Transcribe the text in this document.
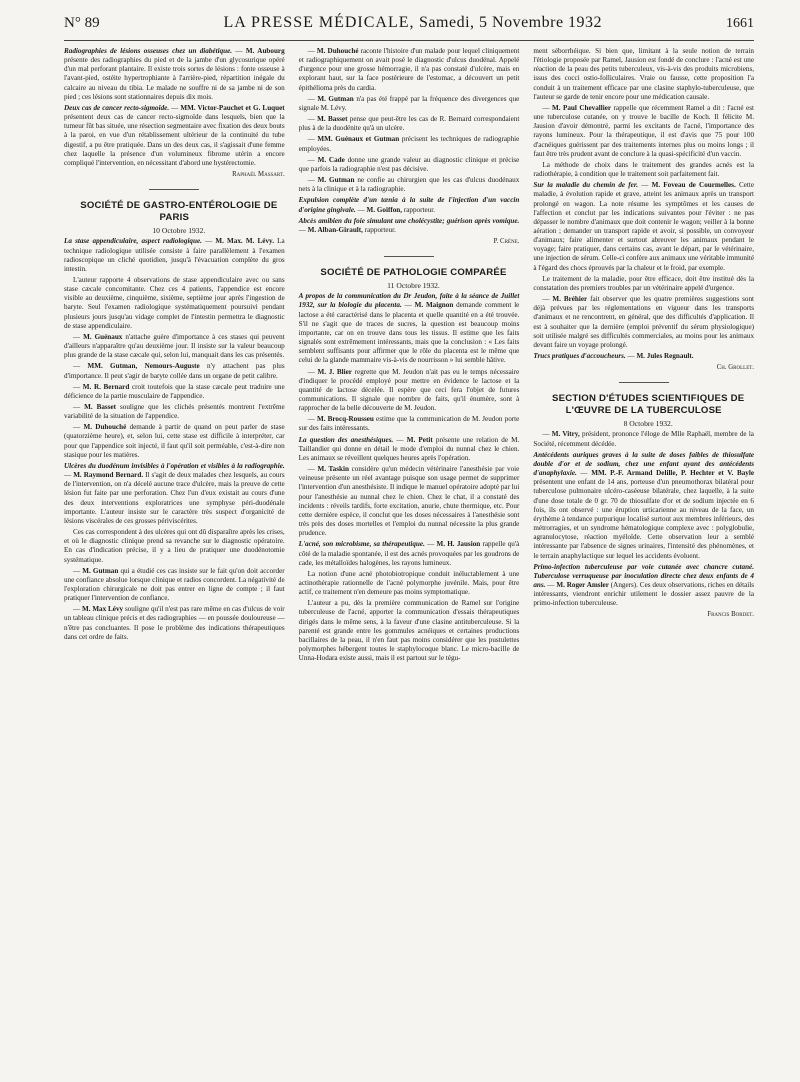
N° 89	LA PRESSE MÉDICALE, Samedi, 5 Novembre 1932	1661

Radiographies de lésions osseuses chez un diabétique. — M. Aubourg présente des radiographies du pied et de la jambe d'un glycosurique opéré d'un mal perforant plantaire. Il existe trois sortes de lésions : fonte osseuse à l'avant-pied, ostéite hypertrophiante à l'arrière-pied, répartition inégale du calcaire au niveau du tibia. Le malade ne souffre ni de sa jambe ni de son pied ; ces lésions sont stationnaires depuis dix mois.

Deux cas de cancer recto-sigmoïde. — MM. Victor-Pauchet et G. Luquet présentent deux cas de cancer recto-sigmoïde dans lesquels, bien que la tumeur fût bas située, une résection segmentaire avec fixation des deux bouts à la paroi, en vue d'un rétablissement ultérieur de la continuité du tube digestif, a pu être pratiquée. Dans un des deux cas, il s'agissait d'une femme chez laquelle la présence d'un volumineux fibrome utérin a encore compliqué l'intervention, en nécessitant d'abord une hystérectomie.

Raphaël Massart.

SOCIÉTÉ DE GASTRO-ENTÉROLOGIE DE PARIS

10 Octobre 1932.

La stase appendiculaire, aspect radiologique. — M. Max. M. Lévy. La technique radiologique utilisée consiste à faire parallèlement à l'examen radioscopique un cliché quotidien, jusqu'à l'évacuation complète du gros intestin.

L'auteur rapporte 4 observations de stase appendiculaire avec ou sans stase cæcale concomitante. Chez ces 4 patients, l'appendice est encore visible au deuxième, cinquième, sixième, septième jour après l'ingestion de baryte. Seul l'examen radiologique systématiquement poursuivi pendant plusieurs jours jusqu'au vidage complet de l'intestin permettra le diagnostic de stase appendiculaire.

— M. Guénaux n'attache guère d'importance à ces stases qui peuvent d'ailleurs n'apparaître qu'au deuxième jour. Il insiste sur la valeur beaucoup plus grande de la stase cæcale qui, selon lui, manquait dans les cas présentés.

— MM. Gutman, Nemours-Auguste n'y attachent pas plus d'importance. Il peut s'agir de baryte collée dans un organe de petit calibre.

— M. R. Bernard croit toutefois que la stase cæcale peut traduire une déficience de la partie musculaire de l'appendice.

— M. Basset souligne que les clichés présentés montrent l'extrême variabilité de la situation de l'appendice.

— M. Duhouché demande à partir de quand on peut parler de stase (quatorzième heure), et, selon lui, cette stase est difficile à interpréter, car pour que l'appendice soit injecté, il faut qu'il soit perméable, c'est-à-dire non stasique pour les matières.

Ulcères du duodénum invisibles à l'opération et visibles à la radiographie. — M. Raymond Bernard. Il s'agit de deux malades chez lesquels, au cours de l'intervention, on n'a décelé aucune trace d'ulcère, mais la preuve de cette lésion fut faite par une perforation. Chez l'un d'eux existait au cours d'une des deux interventions exploratrices une symphyse péri-duodénale importante. L'auteur insiste sur le caractère très suspect d'organicité de lésions viscérales de ces grosses périviscérites.

Ces cas correspondent à des ulcères qui ont dû disparaître après les crises, et où le diagnostic clinique prend sa revanche sur le diagnostic opératoire. En cas d'indication précise, il y a lieu de pratiquer une duodénotomie systématique.

— M. Gutman qui a étudié ces cas insiste sur le fait qu'on doit accorder une confiance absolue lorsque clinique et radios concordent. La négativité de l'exploration chirurgicale ne doit pas entrer en ligne de compte ; il faut pratiquer l'intervention de confiance.

— M. Max Lévy souligne qu'il n'est pas rare même en cas d'ulcus de voir un tableau clinique précis et des radiographies — en poussée douloureuse — n'être pas concluantes. Il pose le problème des indications thérapeutiques dans cet ordre de faits.

— M. Duhouché raconte l'histoire d'un malade pour lequel cliniquement et radiographiquement on avait posé le diagnostic d'ulcus duodénal. Appelé d'urgence pour une grosse hémorragie, il n'a pas constaté d'ulcère, mais en explorant haut, sur la face postérieure de l'estomac, a découvert un petit épithélioma près du cardia.

— M. Gutman n'a pas été frappé par la fréquence des divergences que signale M. Lévy.

— M. Basset pense que peut-être les cas de R. Bernard correspondaient plus à de la duodénite qu'à un ulcère.

— MM. Guénaux et Gutman précisent les techniques de radiographie employées.

— M. Cade donne une grande valeur au diagnostic clinique et précise que parfois la radiographie n'est pas décisive.

— M. Gutman ne confie au chirurgien que les cas d'ulcus duodénaux nets à la clinique et à la radiographie.

Expulsion complète d'un tænia à la suite de l'injection d'un vaccin d'origine gingivale. — M. Goiffon, rapporteur.

Abcès amibien du foie simulant une cholécystite; guérison après vomique. — M. Alban-Girault, rapporteur.

P. Crène.

SOCIÉTÉ DE PATHOLOGIE COMPARÉE

11 Octobre 1932.

A propos de la communication du Dr Jeudon, faite à la séance de Juillet 1932, sur la biologie du placenta. — M. Maignon demande comment le lactose a été caractérisé dans le placenta et quelle quantité en a été trouvée. S'il ne s'agit que de traces de sucres, la question est beaucoup moins importante, car on en trouve dans tous les tissus. Il estime que les faits signalés sont extrêmement intéressants, mais que la conclusion : « Les faits semblent suffisants pour affirmer que le rôle du placenta est le même que celui de la glande mammaire vis-à-vis de nourrisson » lui semble hâtive.

— M. J. Blier regrette que M. Jeudon n'ait pas eu le temps nécessaire d'indiquer le procédé employé pour mettre en évidence le lactose et la quantité de lactose décelée. Il espère que ceci fera l'objet de futures communications. Il signale que nombre de faits, qu'il énumère, sont à rapprocher de la belle découverte de M. Jeudon.

— M. Brocq-Rousseu estime que la communication de M. Jeudon porte sur des faits intéressants.

La question des anesthésiques. — M. Petit présente une relation de M. Taillandier qui donne en détail le mode d'emploi du nunnal chez le chien. Les animaux se réveillent quelques heures après l'opération.

— M. Taskin considère qu'un médecin vétérinaire l'anesthésie par voie veineuse présente un réel avantage puisque son usage permet de supprimer l'intervention d'un anesthésiste. Il indique le manuel opératoire adopté par lui pour l'anesthésie au nunnal chez le chien. Chez le chat, il a constaté des incidents : réveils tardifs, forte excitation, anurie, chute thermique, etc. Pour cette dernière espèce, il conclut que les doses nécessaires à l'anesthésie sont très près des doses mortelles et l'emploi du nunnal nécessite la plus grande prudence.

L'acné, son microbisme, sa thérapeutique. — M. H. Jausion rappelle qu'à côté de la maladie spontanée, il est des acnés provoquées par les goudrons de cade, les métalloïdes halogènes, les rayons lumineux.

La notion d'une acné photobiotropique conduit inéluctablement à une actinothérapie rationnelle de l'acné polymorphe juvénile. Mais, pour être actif, ce traitement n'en demeure pas moins symptomatique.

L'auteur a pu, dès la première communication de Ramel sur l'origine tuberculeuse de l'acné, apporter la communication d'essais thérapeutiques dirigés dans le même sens, à la faveur d'une clasine antituberculeuse. Si la parenté est grande entre les gommules acnéiques et certaines productions bacillaires de la peau, il n'en faut pas moins considérer que les pustulettes polymorphes hébergent toutes le staphylocoque blanc. Le micro-bacille de Unna-Hodara existe aussi, mais il est partout sur le tégu-

ment séborrhéique. Si bien que, limitant à la seule notion de terrain l'étiologie proposée par Ramel, Jausion est fondé de conclure : l'acné est une réaction de la peau des petits tuberculeux, vis-à-vis des produits microbiens, issus des cocci ostio-folliculaires. Vraie ou fausse, cette proposition l'a conduit à un traitement efficace par une clasine staphylo-tuberculeuse, que l'auteur se garde de tenir encore pour une médication causale.

— M. Paul Chevallier rappelle que récemment Ramel a dit : l'acné est une tuberculose cutanée, on y trouve le bacille de Koch. Il félicite M. Jausion d'avoir démontré, parmi les excitants de l'acné, l'importance des rayons lumineux. Pour la thérapeutique, il est d'avis que 75 pour 100 d'acnéiques guérissent par des traitements internes plus ou moins longs ; il faut être très prudent avant de conclure à la quasi-spécificité d'un vaccin.

La méthode de choix dans le traitement des grandes acnés est la radiothérapie, à condition que le traitement soit parfaitement fait.

Sur la maladie du chemin de fer. — M. Foveau de Courmelles. Cette maladie, à évolution rapide et grave, atteint les animaux après un transport prolongé en wagon. La note résume les symptômes et les causes de l'affection et conclut par les indications suivantes pour l'éviter : ne pas dépasser le nombre d'animaux que doit contenir le wagon; veiller à la bonne aération ; demander un transport rapide et avoir, si possible, un convoyeur d'animaux; faire alimenter et surtout abreuver les animaux pendant le voyage; faire pratiquer, dans certains cas, avant le départ, par le vétérinaire, une injection de sérum. Celle-ci confère aux animaux une véritable immunité à l'égard des chocs éprouvés par la chaleur et le froid, par exemple.

Le traitement de la maladie, pour être efficace, doit être institué dès la constatation des premiers troubles par un vétérinaire appelé d'urgence.

— M. Bréhier fait observer que les quatre premières suggestions sont déjà prévues par les réglementations en vigueur dans les transports d'animaux et ne rencontrent, en général, que des difficultés d'application. Il est à souhaiter que la dernière (emploi préventif du sérum physiologique) soit utilisée malgré ses difficultés commerciales, au moins pour les animaux devant faire un voyage prolongé.

Trucs pratiques d'accoucheurs. — M. Jules Regnault.

Ch. Grollet.

SECTION D'ÉTUDES SCIENTIFIQUES DE L'ŒUVRE DE LA TUBERCULOSE

8 Octobre 1932.

— M. Vitry, président, prononce l'éloge de Mlle Raphaël, membre de la Société, récemment décédée.

Antécédents auriques graves à la suite de doses faibles de thiosulfate double d'or et de sodium, chez une enfant ayant des antécédents d'anaphylaxie. — MM. P.-F. Armand Delille, P. Hechter et V. Bayle présentent une enfant de 14 ans, porteuse d'un pneumothorax bilatéral pour tuberculose pulmonaire ulcéro-caséeuse bilatérale, chez laquelle, à la suite d'une dose totale de 0 gr. 70 de thiosulfate d'or et de sodium injectée en 6 fois, ils ont observé : une éruption urticarienne au niveau de la face, un érythème à tendance purpurique localisé surtout aux membres inférieurs, des métrorragies, et un syndrome hématologique complexe avec : polyglobulie, agranulocytose, réaction myéloïde. Cette observation leur a semblé intéressante par l'absence de signes urinaires, l'intensité des phénomènes, et le terrain anaphylactique sur lequel les accidents évoluent.

Primo-infection tuberculeuse par voie cutanée avec chancre cutané. Tuberculose verruqueuse par inoculation directe chez deux enfants de 4 ans. — M. Roger Amsler (Angers). Ces deux observations, riches en détails intéressants, viendront enrichir utilement le dossier assez pauvre de la primo-infection tuberculeuse.

Francis Bordet.
